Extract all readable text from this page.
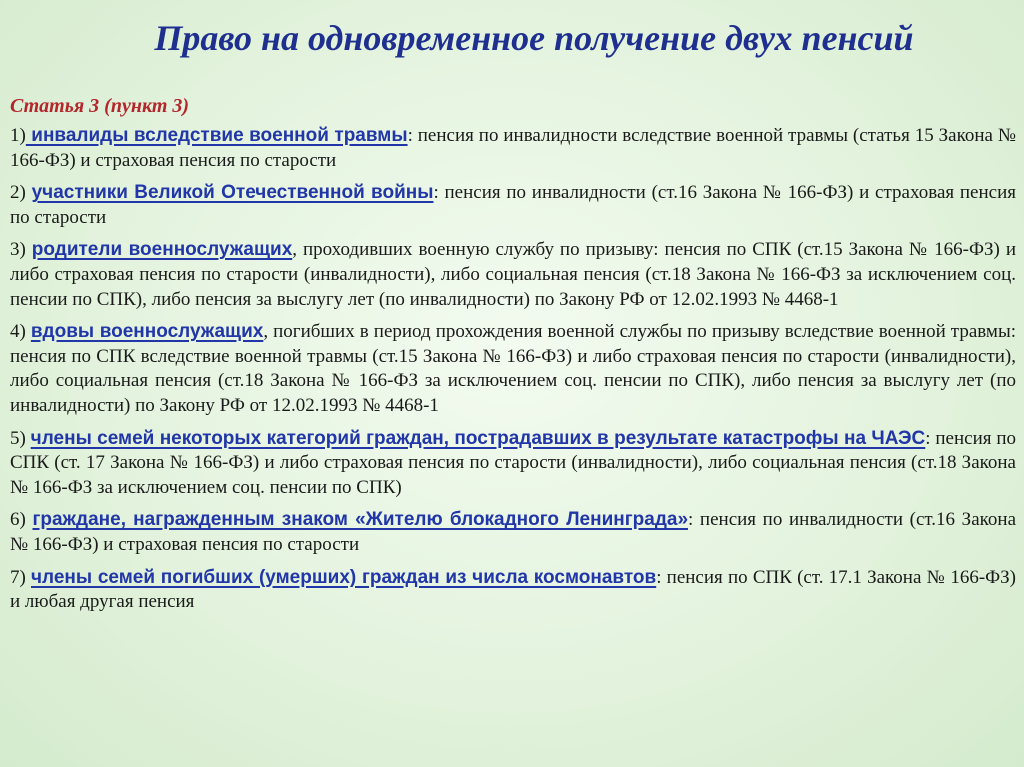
Право на одновременное получение двух пенсий
Статья 3 (пункт 3)

1) инвалиды вследствие военной травмы: пенсия по инвалидности вследствие военной травмы (статья 15 Закона № 166-ФЗ) и страховая пенсия по старости

2) участники Великой Отечественной войны: пенсия по инвалидности (ст.16 Закона № 166-ФЗ) и страховая пенсия по старости

3) родители военнослужащих, проходивших военную службу по призыву: пенсия по СПК (ст.15 Закона № 166-ФЗ) и либо страховая пенсия по старости (инвалидности), либо социальная пенсия (ст.18 Закона № 166-ФЗ за исключением соц. пенсии по СПК), либо пенсия за выслугу лет (по инвалидности) по Закону РФ от 12.02.1993 № 4468-1

4) вдовы военнослужащих, погибших в период прохождения военной службы по призыву вследствие военной травмы: пенсия по СПК вследствие военной травмы (ст.15 Закона № 166-ФЗ) и либо страховая пенсия по старости (инвалидности), либо социальная пенсия (ст.18 Закона № 166-ФЗ за исключением соц. пенсии по СПК), либо пенсия за выслугу лет (по инвалидности) по Закону РФ от 12.02.1993 № 4468-1

5) члены семей некоторых категорий граждан, пострадавших в результате катастрофы на ЧАЭС: пенсия по СПК (ст. 17 Закона № 166-ФЗ) и либо страховая пенсия по старости (инвалидности), либо социальная пенсия (ст.18 Закона № 166-ФЗ за исключением соц. пенсии по СПК)

6) граждане, награжденным знаком «Жителю блокадного Ленинграда»: пенсия по инвалидности (ст.16 Закона № 166-ФЗ) и страховая пенсия по старости

7) члены семей погибших (умерших) граждан из числа космонавтов: пенсия по СПК (ст. 17.1 Закона № 166-ФЗ) и любая другая пенсия
